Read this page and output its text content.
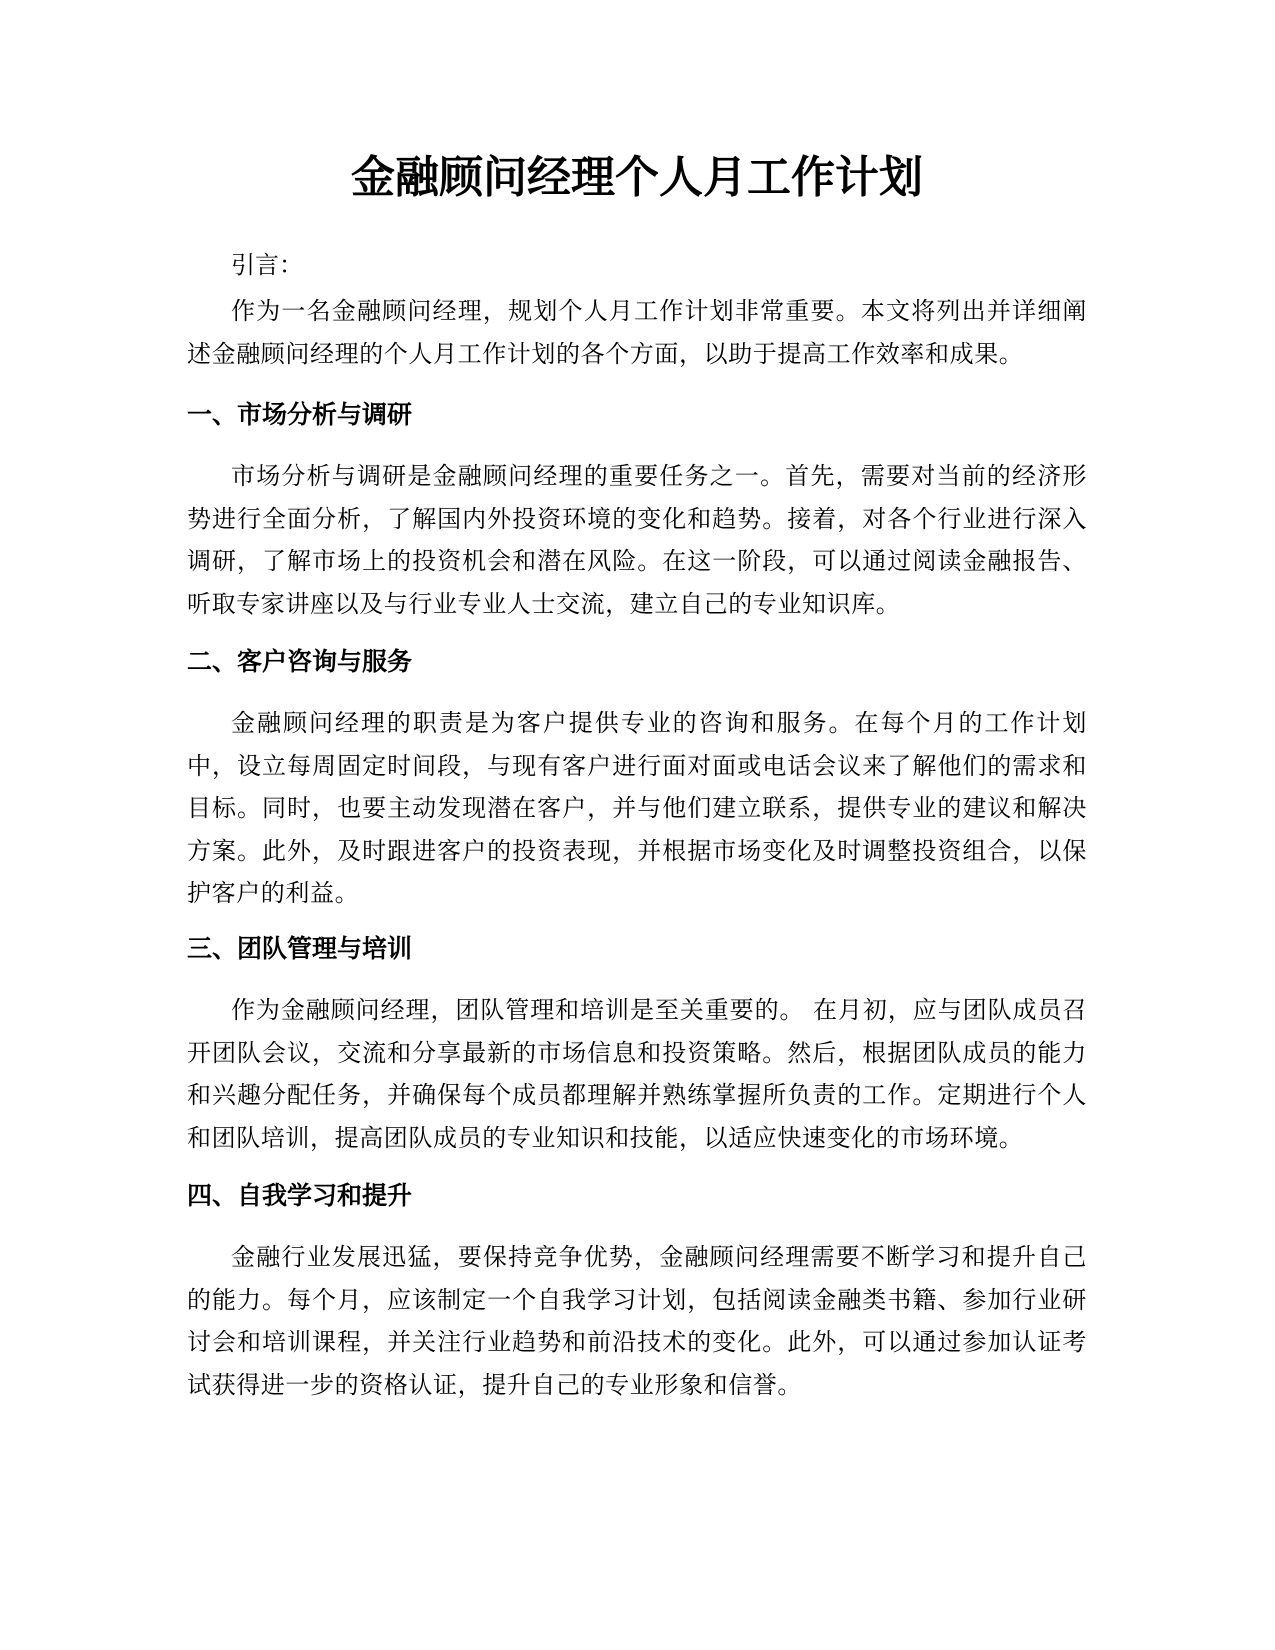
金融顾问经理个人月工作计划

引言：

作为一名金融顾问经理，规划个人月工作计划非常重要。本文将列出并详细阐述金融顾问经理的个人月工作计划的各个方面，以助于提高工作效率和成果。

一、市场分析与调研

市场分析与调研是金融顾问经理的重要任务之一。首先，需要对当前的经济形势进行全面分析，了解国内外投资环境的变化和趋势。接着，对各个行业进行深入调研，了解市场上的投资机会和潜在风险。在这一阶段，可以通过阅读金融报告、听取专家讲座以及与行业专业人士交流，建立自己的专业知识库。

二、客户咨询与服务

金融顾问经理的职责是为客户提供专业的咨询和服务。在每个月的工作计划中，设立每周固定时间段，与现有客户进行面对面或电话会议来了解他们的需求和目标。同时，也要主动发现潜在客户，并与他们建立联系，提供专业的建议和解决方案。此外，及时跟进客户的投资表现，并根据市场变化及时调整投资组合，以保护客户的利益。

三、团队管理与培训

作为金融顾问经理，团队管理和培训是至关重要的。 在月初，应与团队成员召开团队会议，交流和分享最新的市场信息和投资策略。然后，根据团队成员的能力和兴趣分配任务，并确保每个成员都理解并熟练掌握所负责的工作。定期进行个人和团队培训，提高团队成员的专业知识和技能，以适应快速变化的市场环境。

四、自我学习和提升

金融行业发展迅猛，要保持竞争优势，金融顾问经理需要不断学习和提升自己的能力。每个月，应该制定一个自我学习计划，包括阅读金融类书籍、参加行业研讨会和培训课程，并关注行业趋势和前沿技术的变化。此外，可以通过参加认证考试获得进一步的资格认证，提升自己的专业形象和信誉。
